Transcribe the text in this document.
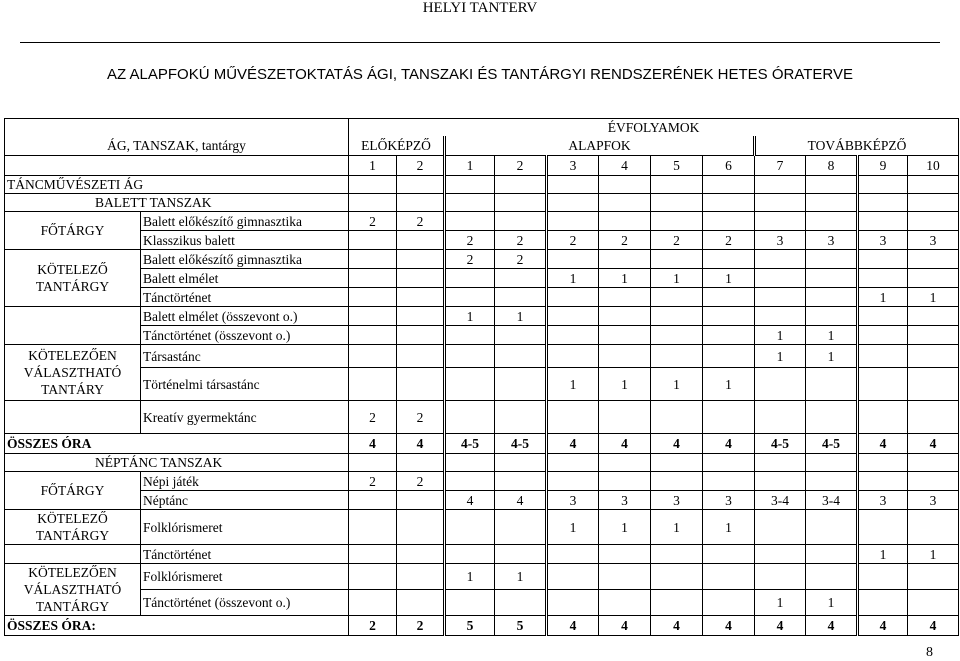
HELYI TANTERV
AZ ALAPFOKÚ MŰVÉSZETOKTATÁS ÁGI, TANSZAKI ÉS TANTÁRGYI RENDSZERÉNEK HETES ÓRATERVE
		ÉVFOLYAMOK											
ÁG, TANSZAK, tantárgy		ELŐKÉPZŐ		ALAPFOK						TOVÁBBKÉPZŐ			
		1	2	1	2	3	4	5	6	7	8	9	10
TÁNCMŰVÉSZETI ÁG													
BALETT TANSZAK													
FŐTÁRGY	Balett előkészítő gimnasztika	2	2										
	Klasszikus balett			2	2	2	2	2	2	3	3	3	3
KÖTELEZŐ TANTÁRGY	Balett előkészítő gimnasztika			2	2								
	Balett elmélet					1	1	1	1				
	Tánctörténet											1	1
	Balett elmélet (összevont o.)			1	1								
	Tánctörténet (összevont o.)									1	1		
KÖTELEZŐEN VÁLASZTHATÓ TANTÁRY	Társastánc									1	1		
	Történelmi társastánc					1	1	1	1				
	Kreatív gyermektánc	2	2										
ÖSSZES ÓRA		4	4	4-5	4-5	4	4	4	4	4-5	4-5	4	4
NÉPTÁNC TANSZAK													
FŐTÁRGY	Népi játék	2	2										
	Néptánc			4	4	3	3	3	3	3-4	3-4	3	3
KÖTELEZŐ TANTÁRGY	Folklórismeret					1	1	1	1				
	Tánctörténet											1	1
KÖTELEZŐEN VÁLASZTHATÓ TANTÁRGY	Folklórismeret			1	1								
	Tánctörténet (összevont o.)									1	1		
ÖSSZES ÓRA:		2	2	5	5	4	4	4	4	4	4	4	4
8
